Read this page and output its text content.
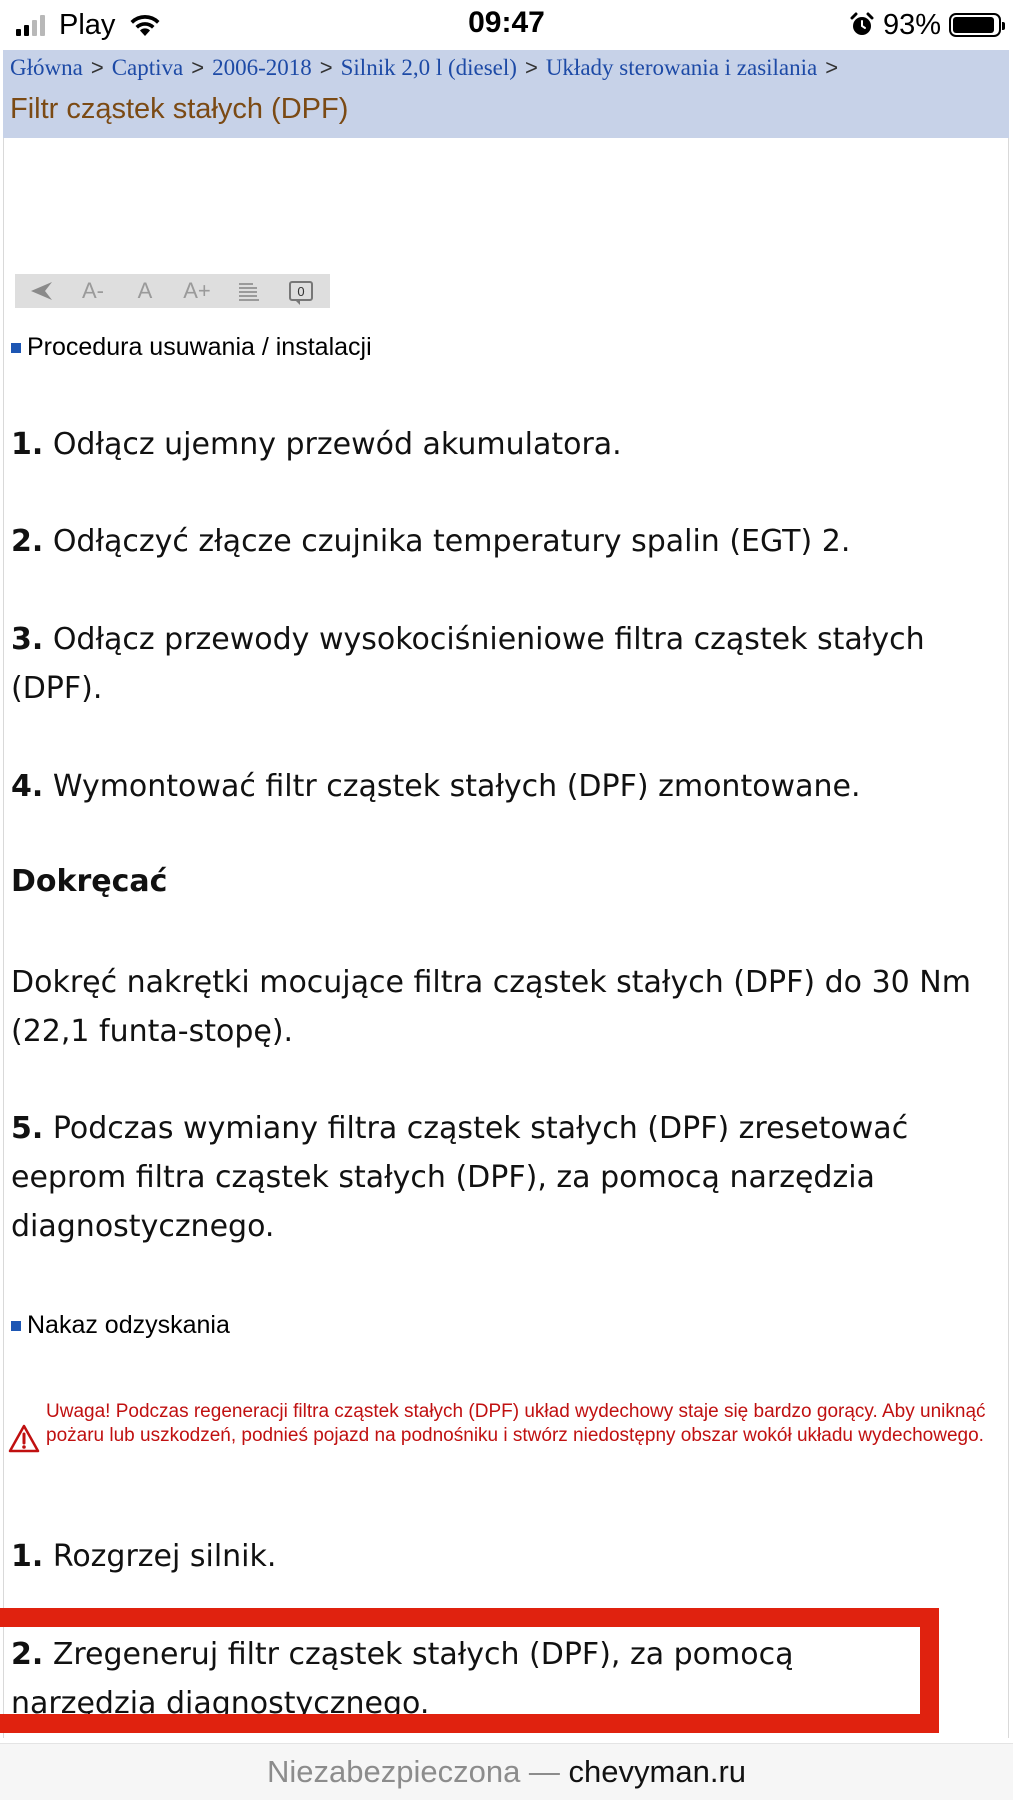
Play	09:47	93%
Główna > Captiva > 2006-2018 > Silnik 2,0 l (diesel) > Układy sterowania i zasilania >
Filtr cząstek stałych (DPF)
A-	A	A+	0
Procedura usuwania / instalacji
1. Odłącz ujemny przewód akumulatora.
2. Odłączyć złącze czujnika temperatury spalin (EGT) 2.
3. Odłącz przewody wysokociśnieniowe filtra cząstek stałych (DPF).
4. Wymontować filtr cząstek stałych (DPF) zmontowane.
Dokręcać
Dokręć nakrętki mocujące filtra cząstek stałych (DPF) do 30 Nm (22,1 funta-stopę).
5. Podczas wymiany filtra cząstek stałych (DPF) zresetować eeprom filtra cząstek stałych (DPF), za pomocą narzędzia diagnostycznego.
Nakaz odzyskania
Uwaga! Podczas regeneracji filtra cząstek stałych (DPF) układ wydechowy staje się bardzo gorący. Aby uniknąć pożaru lub uszkodzeń, podnieś pojazd na podnośniku i stwórz niedostępny obszar wokół układu wydechowego.
1. Rozgrzej silnik.
2. Zregeneruj filtr cząstek stałych (DPF), za pomocą narzędzia diagnostycznego.
Niezabezpieczona — chevyman.ru
